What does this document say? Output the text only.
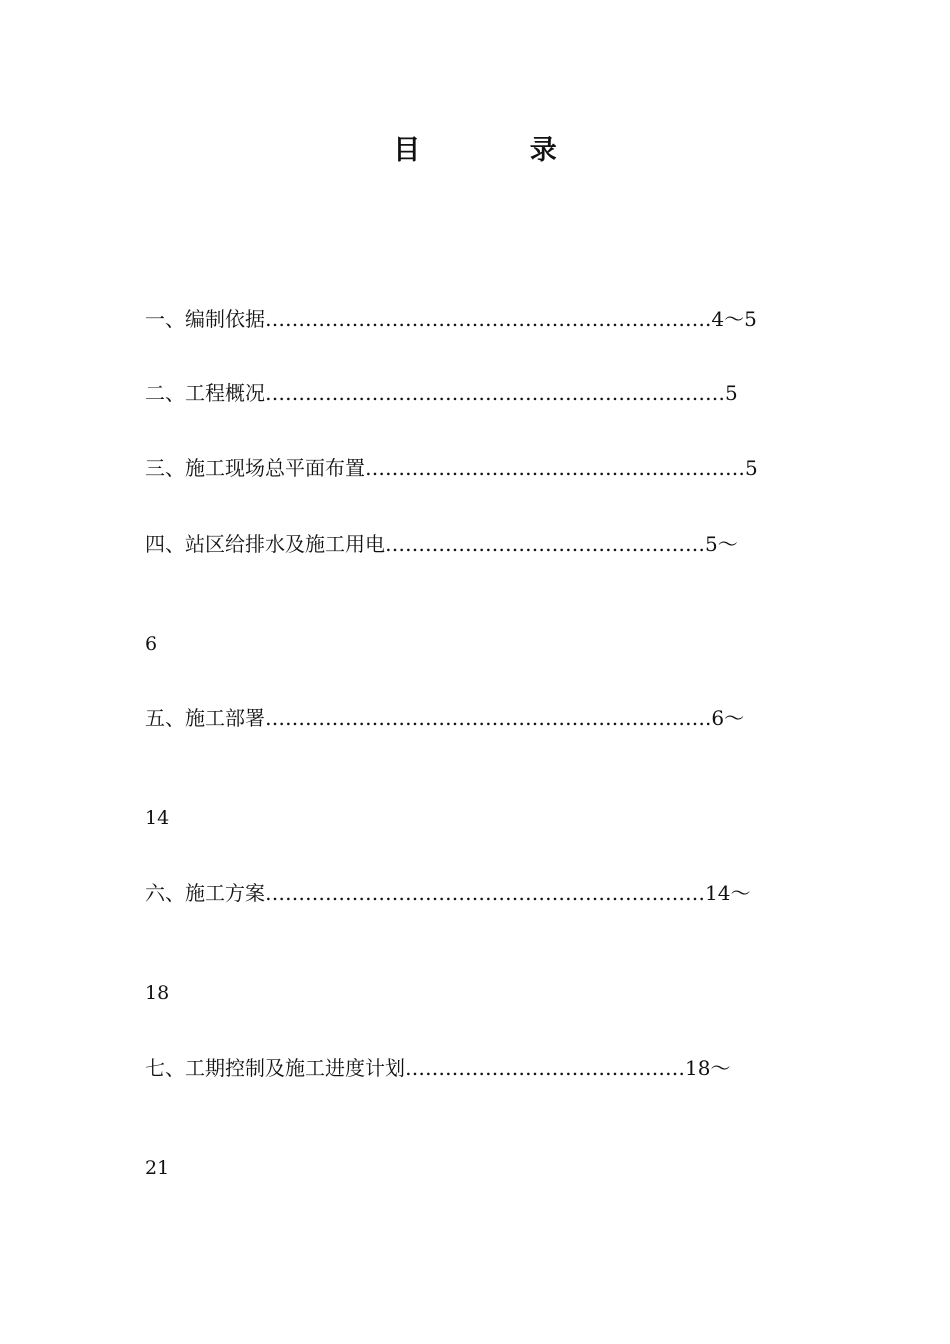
目 录
一、编制依据………………………………………………………….4～5
二、工程概况……………………………………………………………5
三、施工现场总平面布置…………………………………………………5
四、站区给排水及施工用电…………………………………………5～
6
五、施工部署………………………………………………………….6～
14
六、施工方案…………………………………………………………14～
18
七、工期控制及施工进度计划……………………………………18～
21
